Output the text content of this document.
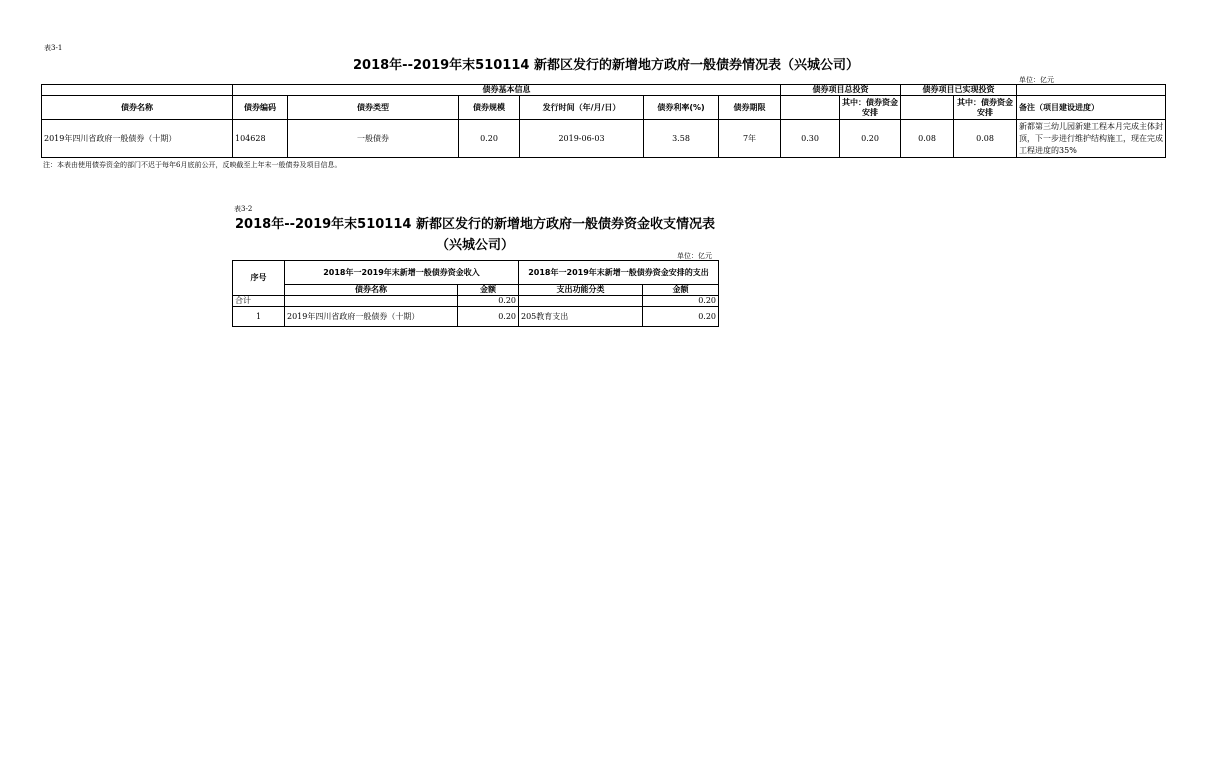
表3-1
2018年--2019年末510114 新都区发行的新增地方政府一般债券情况表（兴城公司）
单位：亿元
	债券基本信息						债券项目总投资		债券项目已实现投资		
债券名称	债券编码	债券类型	债券规模	发行时间（年/月/日）	债券利率(%)	债券期限		其中：债券资金安排		其中：债券资金安排	备注（项目建设进度）
2019年四川省政府一般债券（十期）	104628	一般债券	0.20	2019-06-03	3.58	7年	0.30	0.20	0.08	0.08	新都第三幼儿园新建工程本月完成主体封顶，下一步进行维护结构施工，现在完成工程进度的35%
注：本表由使用债券资金的部门不迟于每年6月底前公开，反映截至上年末一般债券及项目信息。
表3-2
2018年--2019年末510114 新都区发行的新增地方政府一般债券资金收支情况表
（兴城公司）
单位：亿元
序号	2018年一2019年末新增一般债券资金收入		2018年一2019年末新增一般债券资金安排的支出	
	债券名称	金额	支出功能分类	金额
合计		0.20		0.20
1	2019年四川省政府一般债券（十期）	0.20	205教育支出	0.20
